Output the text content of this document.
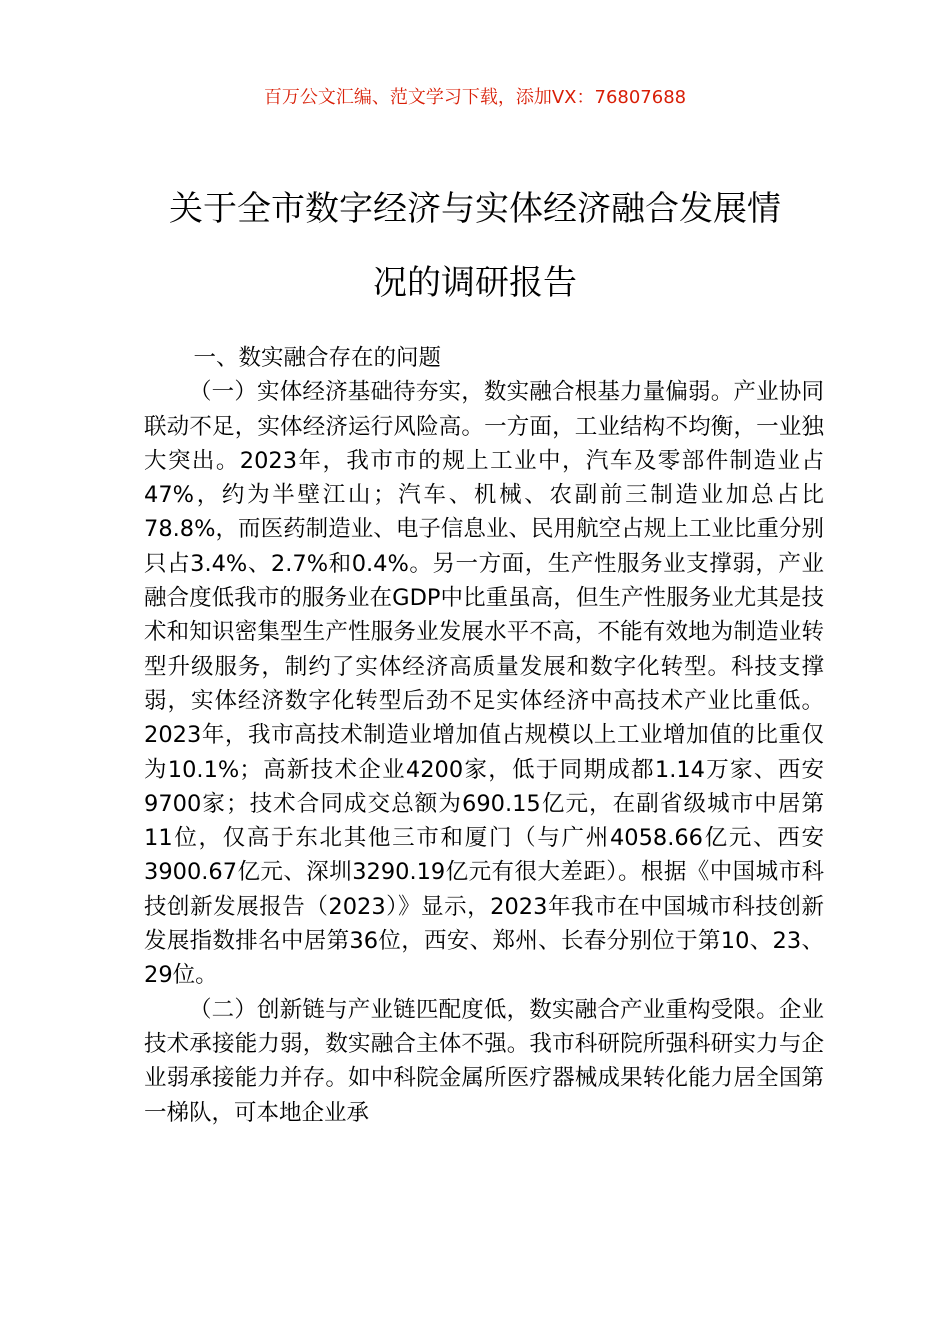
百万公文汇编、范文学习下载，添加VX：76807688
关于全市数字经济与实体经济融合发展情
况的调研报告

一、数实融合存在的问题

（一）实体经济基础待夯实，数实融合根基力量偏弱。产业协同联动不足，实体经济运行风险高。一方面，工业结构不均衡，一业独大突出。2023年，我市市的规上工业中，汽车及零部件制造业占47%，约为半壁江山；汽车、机械、农副前三制造业加总占比78.8%，而医药制造业、电子信息业、民用航空占规上工业比重分别只占3.4%、2.7%和0.4%。另一方面，生产性服务业支撑弱，产业融合度低我市的服务业在GDP中比重虽高，但生产性服务业尤其是技术和知识密集型生产性服务业发展水平不高，不能有效地为制造业转型升级服务，制约了实体经济高质量发展和数字化转型。科技支撑弱，实体经济数字化转型后劲不足实体经济中高技术产业比重低。2023年，我市高技术制造业增加值占规模以上工业增加值的比重仅为10.1%；高新技术企业4200家，低于同期成都1.14万家、西安9700家；技术合同成交总额为690.15亿元，在副省级城市中居第11位，仅高于东北其他三市和厦门（与广州4058.66亿元、西安3900.67亿元、深圳3290.19亿元有很大差距）。根据《中国城市科技创新发展报告（2023）》显示，2023年我市在中国城市科技创新发展指数排名中居第36位，西安、郑州、长春分别位于第10、23、29位。

（二）创新链与产业链匹配度低，数实融合产业重构受限。企业技术承接能力弱，数实融合主体不强。我市科研院所强科研实力与企业弱承接能力并存。如中科院金属所医疗器械成果转化能力居全国第一梯队，可本地企业承
